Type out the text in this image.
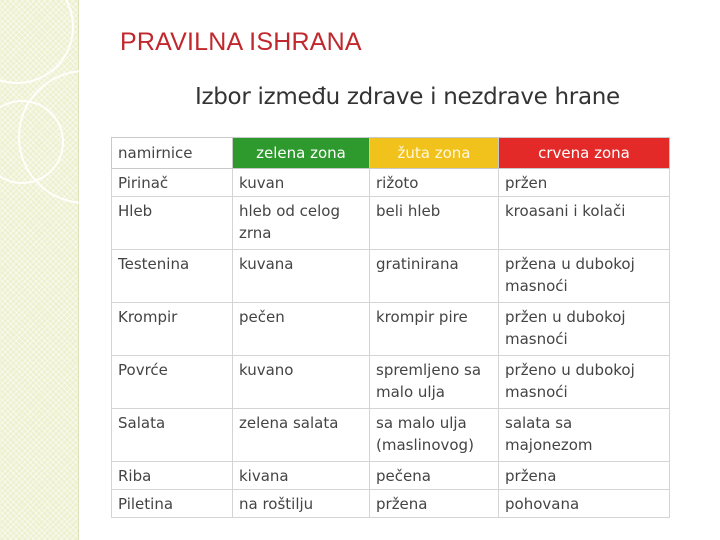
PRAVILNA ISHRANA
Izbor između zdrave i nezdrave hrane
namirnice	zelena zona	žuta zona	crvena zona
Pirinač	kuvan	rižoto	pržen
Hleb	hleb od celog zrna	beli hleb	kroasani i kolači
Testenina	kuvana	gratinirana	pržena u dubokoj masnoći
Krompir	pečen	krompir pire	pržen u dubokoj masnoći
Povrće	kuvano	spremljeno sa malo ulja	prženo u dubokoj masnoći
Salata	zelena salata	sa malo ulja (maslinovog)	salata sa majonezom
Riba	kivana	pečena	pržena
Piletina	na roštilju	pržena	pohovana
